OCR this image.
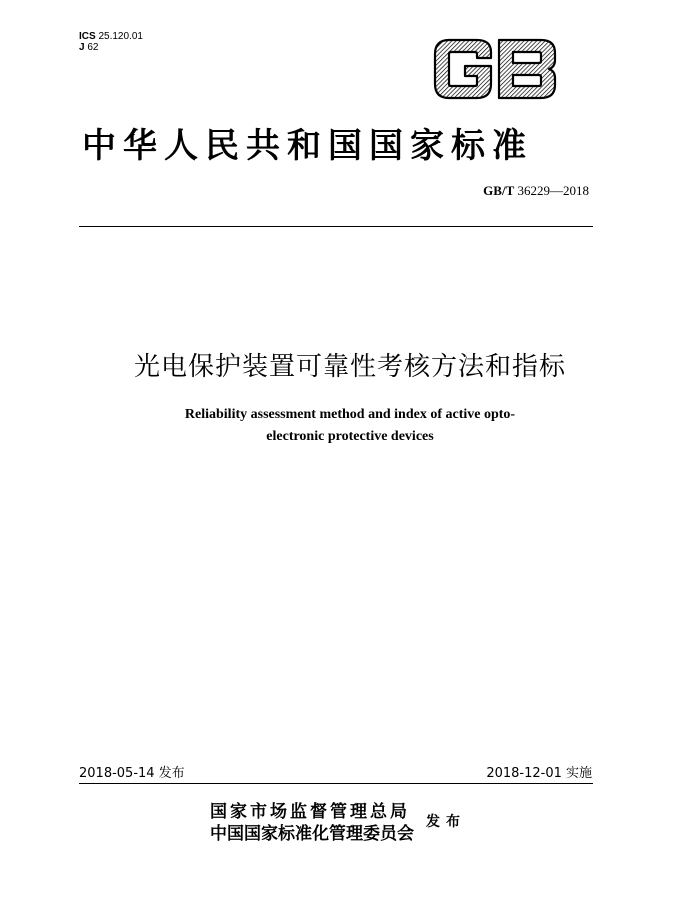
ICS 25.120.01
J 62
中华人民共和国国家标准
GB/T 36229—2018
光电保护装置可靠性考核方法和指标
Reliability assessment method and index of active opto-
electronic protective devices
2018-05-14 发布	2018-12-01 实施
国家市场监督管理总局
中国国家标准化管理委员会
发布
